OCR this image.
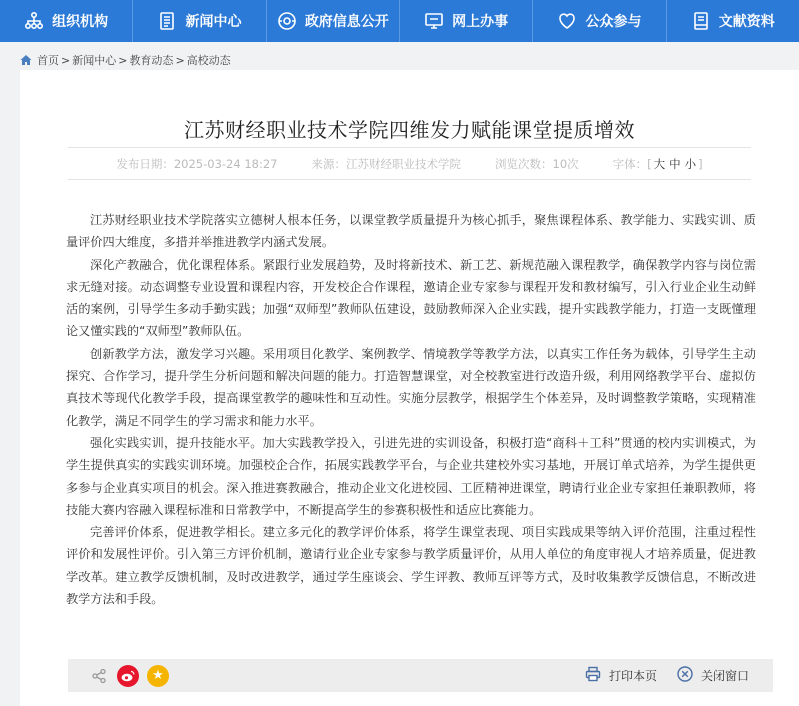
组织机构	新闻中心	政府信息公开	网上办事	公众参与	文献资料
首页 > 新闻中心 > 教育动态 > 高校动态
江苏财经职业技术学院四维发力赋能课堂提质增效
发布日期：2025-03-24 18:27	来源：江苏财经职业技术学院	浏览次数：10次	字体：[ 大 中 小 ]

江苏财经职业技术学院落实立德树人根本任务，以课堂教学质量提升为核心抓手，聚焦课程体系、教学能力、实践实训、质量评价四大维度，多措并举推进教学内涵式发展。

深化产教融合，优化课程体系。紧跟行业发展趋势，及时将新技术、新工艺、新规范融入课程教学，确保教学内容与岗位需求无缝对接。动态调整专业设置和课程内容，开发校企合作课程，邀请企业专家参与课程开发和教材编写，引入行业企业生动鲜活的案例，引导学生多动手勤实践；加强“双师型”教师队伍建设，鼓励教师深入企业实践，提升实践教学能力，打造一支既懂理论又懂实践的“双师型”教师队伍。

创新教学方法，激发学习兴趣。采用项目化教学、案例教学、情境教学等教学方法，以真实工作任务为载体，引导学生主动探究、合作学习，提升学生分析问题和解决问题的能力。打造智慧课堂，对全校教室进行改造升级，利用网络教学平台、虚拟仿真技术等现代化教学手段，提高课堂教学的趣味性和互动性。实施分层教学，根据学生个体差异，及时调整教学策略，实现精准化教学，满足不同学生的学习需求和能力水平。

强化实践实训，提升技能水平。加大实践教学投入，引进先进的实训设备，积极打造“商科＋工科”贯通的校内实训模式，为学生提供真实的实践实训环境。加强校企合作，拓展实践教学平台，与企业共建校外实习基地，开展订单式培养，为学生提供更多参与企业真实项目的机会。深入推进赛教融合，推动企业文化进校园、工匠精神进课堂，聘请行业企业专家担任兼职教师，将技能大赛内容融入课程标准和日常教学中，不断提高学生的参赛积极性和适应比赛能力。

完善评价体系，促进教学相长。建立多元化的教学评价体系，将学生课堂表现、项目实践成果等纳入评价范围，注重过程性评价和发展性评价。引入第三方评价机制，邀请行业企业专家参与教学质量评价，从用人单位的角度审视人才培养质量，促进教学改革。建立教学反馈机制，及时改进教学，通过学生座谈会、学生评教、教师互评等方式，及时收集教学反馈信息，不断改进教学方法和手段。

★	打印本页	关闭窗口
